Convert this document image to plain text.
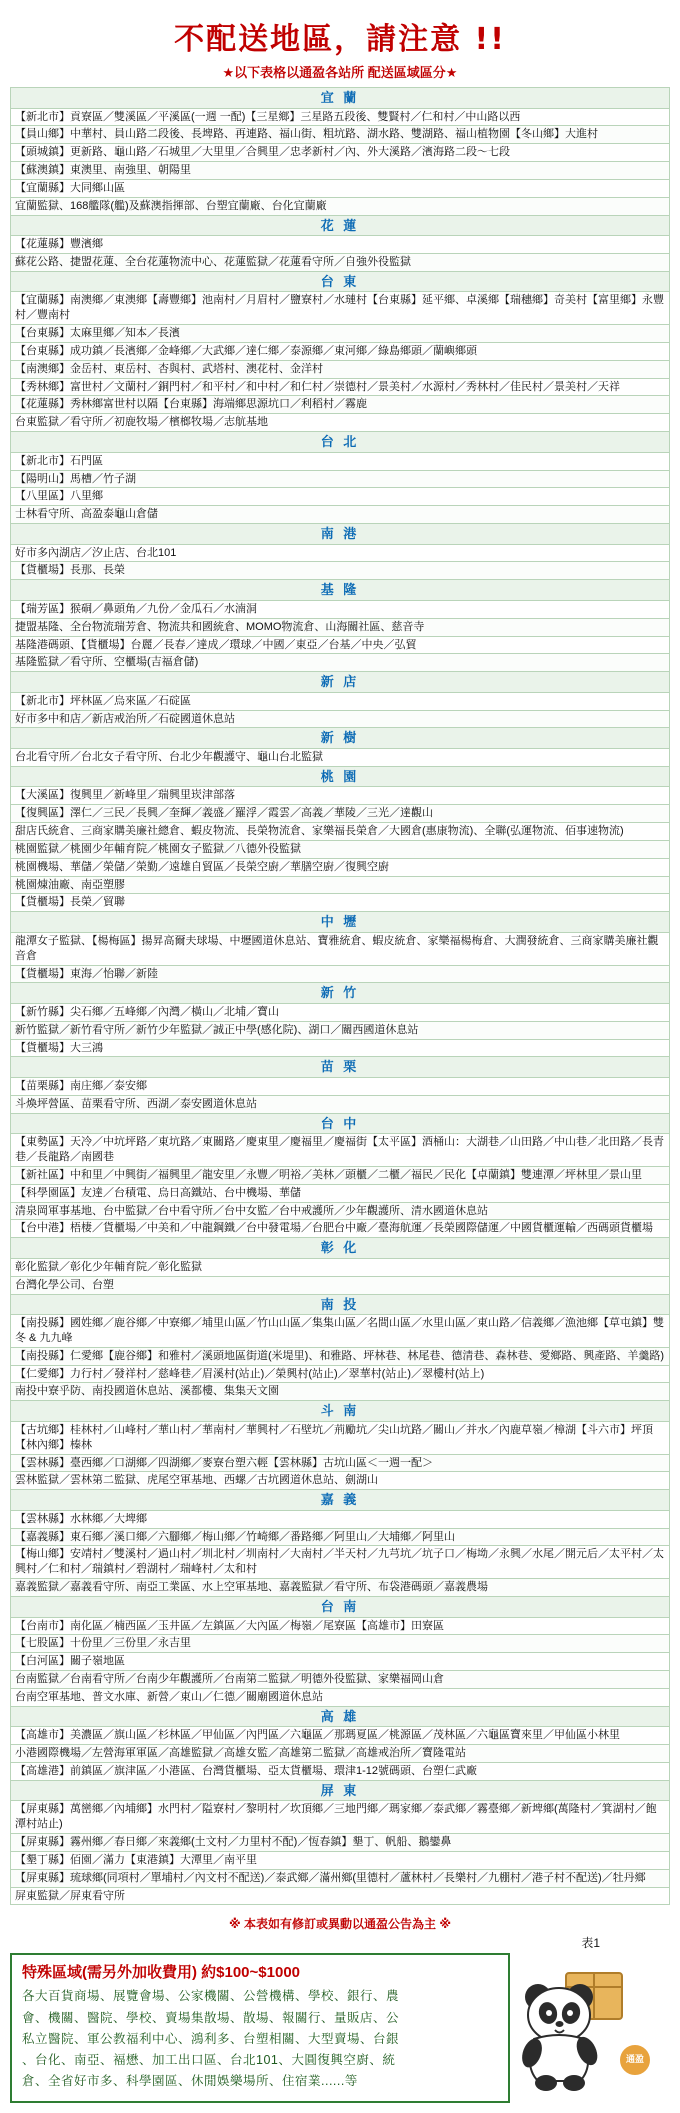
不配送地區，請注意 !!
★以下表格以通盈各站所 配送區域區分★
宜 蘭
【新北市】貢寮區／雙溪區／平溪區(一週 一配)【三星鄉】三星路五段後、雙賢村／仁和村／中山路以西
【員山鄉】中華村、員山路二段後、長埤路、再連路、福山街、粗坑路、湖水路、雙湖路、福山植物園【冬山鄉】大進村
【頭城鎮】更新路、龜山路／石城里／大里里／合興里／忠孝新村／內、外大溪路／濱海路二段～七段
【蘇澳鎮】東澳里、南強里、朝陽里
【宜蘭縣】大同鄉山區
宜蘭監獄、168艦隊(艦)及蘇澳指揮部、台塑宜蘭廠、台化宜蘭廠
花 蓮
【花蓮縣】豐濱鄉
蘇花公路、捷盟花蓮、全台花蓮物流中心、花蓮監獄／花蓮看守所／自強外役監獄
台 東
【宜蘭縣】南澳鄉／東澳鄉【壽豐鄉】池南村／月眉村／鹽寮村／水璉村【台東縣】延平鄉、卓溪鄉【瑞穗鄉】奇美村【富里鄉】永豐村／豐南村
【台東縣】太麻里鄉／知本／長濱
【台東縣】成功鎮／長濱鄉／金峰鄉／大武鄉／達仁鄉／泰源鄉／東河鄉／綠島鄉頭／蘭嶼鄉頭
【南澳鄉】金岳村、東岳村、杏與村、武塔村、澳花村、金洋村
【秀林鄉】富世村／文蘭村／銅門村／和平村／和中村／和仁村／崇德村／景美村／水源村／秀林村／佳民村／景美村／天祥
【花蓮縣】秀林鄉富世村以隔【台東縣】海端鄉思源坑口／利稻村／霧鹿
台東監獄／看守所／初鹿牧場／檳榔牧場／志航基地
台 北
【新北市】石門區
【陽明山】馬槽／竹子湖
【八里區】八里鄉
士林看守所、高盈泰龜山倉儲
南 港
好市多內湖店／汐止店、台北101
【貨櫃場】長那、長榮
基 隆
【瑞芳區】猴硐／鼻頭角／九份／金瓜石／水湳洞
捷盟基隆、全台物流瑞芳倉、物流共和國統倉、MOMO物流倉、山海關社區、慈音寺
基隆港碼頭、【貨櫃場】台麗／長春／達成／環球／中國／東亞／台基／中央／弘貿
基隆監獄／看守所、空櫃場(吉福倉儲)
新 店
【新北市】坪林區／烏來區／石碇區
好市多中和店／新店戒治所／石碇國道休息站
新 樹
台北看守所／台北女子看守所、台北少年觀護守、龜山台北監獄
桃 園
【大溪區】復興里／新峰里／瑞興里崁津部落
【復興區】澤仁／三民／長興／奎輝／義盛／羅浮／霞雲／高義／華陵／三光／達觀山
甜店氏統倉、三商家購美廉社總倉、蝦皮物流、長榮物流倉、家樂福長榮倉／大國倉(惠康物流)、全聯(弘運物流、佰事速物流)
桃園監獄／桃園少年輔育院／桃園女子監獄／八德外役監獄
桃園機場、華儲／榮儲／榮勤／遠雄自貿區／長榮空廚／華膳空廚／復興空廚
桃園煉油廠、南亞塑膠
【貨櫃場】長榮／貿聯
中 壢
龍潭女子監獄、【楊梅區】揚昇高爾夫球場、中壢國道休息站、寶雅統倉、蝦皮統倉、家樂福楊梅倉、大潤發統倉、三商家購美廉社觀音倉
【貨櫃場】東海／怡聯／新陸
新 竹
【新竹縣】尖石鄉／五峰鄉／內灣／橫山／北埔／寶山
新竹監獄／新竹看守所／新竹少年監獄／誠正中學(感化院)、湖口／關西國道休息站
【貨櫃場】大三鴻
苗 栗
【苗栗縣】南庄鄉／泰安鄉
斗煥坪營區、苗栗看守所、西湖／泰安國道休息站
台 中
【東勢區】天冷／中坑坪路／東坑路／東關路／慶東里／慶福里／慶福街【太平區】酒桶山：大湖巷／山田路／中山巷／北田路／長青巷／長龍路／南國巷
【新社區】中和里／中興街／福興里／龍安里／永豐／明裕／美林／頭櫃／二櫃／福民／民化【卓蘭鎮】雙連潭／坪林里／景山里
【科學園區】友達／台積電、烏日高鐵站、台中機場、華儲
清泉岡軍事基地、台中監獄／台中看守所／台中女監／台中戒護所／少年觀護所、清水國道休息站
【台中港】梧棲／貨櫃場／中美和／中龍鋼鐵／台中發電場／台肥台中廠／臺海航運／長榮國際儲運／中國貨櫃運輸／西碼頭貨櫃場
彰 化
彰化監獄／彰化少年輔育院／彰化監獄
台灣化學公司、台塑
南 投
【南投縣】國姓鄉／鹿谷鄉／中寮鄉／埔里山區／竹山山區／集集山區／名間山區／水里山區／東山路／信義鄉／漁池鄉【草屯鎮】雙冬 & 九九峰
【南投縣】仁愛鄉【鹿谷鄉】和雅村／溪頭地區街道(米堤里)、和雅路、坪林巷、林尾巷、德清巷、森林巷、愛鄉路、興產路、羊羹路)
【仁愛鄉】力行村／發祥村／慈峰巷／眉溪村(站止)／榮興村(站止)／翠華村(站止)／翠樓村(站上)
南投中寮乎防、南投國道休息站、溪都樓、集集天文園
斗 南
【古坑鄉】桂林村／山峰村／華山村／華南村／華興村／石壁坑／荊勵坑／尖山坑路／關山／并水／內鹿草嶺／樟湖【斗六市】坪頂【林內鄉】榛林
【雲林縣】臺西鄉／口湖鄉／四湖鄉／麥寮台塑六輕【雲林縣】古坑山區＜一週一配＞
雲林監獄／雲林第二監獄、虎尾空軍基地、西螺／古坑國道休息站、劍湖山
嘉 義
【雲林縣】水林鄉／大埤鄉
【嘉義縣】東石鄉／溪口鄉／六腳鄉／梅山鄉／竹崎鄉／番路鄉／阿里山／大埔鄉／阿里山
【梅山鄉】安靖村／雙溪村／過山村／圳北村／圳南村／大南村／半天村／九芎坑／坑子口／梅坳／永興／水尾／開元后／太平村／太興村／仁和村／瑞鎮村／碧湖村／瑞峰村／太和村
嘉義監獄／嘉義看守所、南亞工業區、水上空軍基地、嘉義監獄／看守所、布袋港碼頭／嘉義農場
台 南
【台南市】南化區／楠西區／玉井區／左鎮區／大內區／梅嶺／尾寮區【高雄市】田寮區
【七股區】十份里／三份里／永吉里
【白河區】關子嶺地區
台南監獄／台南看守所／台南少年觀護所／台南第二監獄／明德外役監獄、家樂福岡山倉
台南空軍基地、普文水庫、新營／東山／仁德／關廟國道休息站
高 雄
【高雄市】美濃區／旗山區／杉林區／甲仙區／內門區／六龜區／那瑪夏區／桃源區／茂林區／六龜區寶來里／甲仙區小林里
小港國際機場／左營海軍軍區／高雄監獄／高雄女監／高雄第二監獄／高雄戒治所／寶隆電站
【高雄港】前鎮區／旗津區／小港區、台灣貨櫃場、亞太貨櫃場、環津1-12號碼頭、台塑仁武廠
屏 東
【屏東縣】萬巒鄉／內埔鄉】水門村／隘寮村／黎明村／坎頂鄉／三地門鄉／瑪家鄉／泰武鄉／霧臺鄉／新埤鄉(萬隆村／箕湖村／飽潭村站止)
【屏東縣】霧州鄉／春日鄉／來義鄉(土文村／力里村不配)／恆春鎮】墾丁、帆船、鵝鑾鼻
【墾丁縣】佰園／滿力【東港鎮】大潭里／南平里
【屏東縣】琉球鄉(同項村／單埔村／內文村不配送)／泰武鄉／滿州鄉(里德村／蘆林村／長樂村／九棚村／港子村不配送)／牡丹鄉
屏東監獄／屏東看守所
※ 本表如有修訂或異動以通盈公告為主 ※
表1
特殊區域(需另外加收費用) 約$100~$1000
各大百貨商場、展覽會場、公家機關、公營機構、學校、銀行、農
會、機關、醫院、學校、賣場集散場、散場、報關行、量販店、公
私立醫院、軍公教福利中心、鴻利多、台塑相關、大型賣場、台銀
、台化、南亞、褔懋、加工出口區、台北101、大圓復興空廚、統
倉、全省好市多、科學園區、休閒娛樂場所、住宿業......等
通盈
